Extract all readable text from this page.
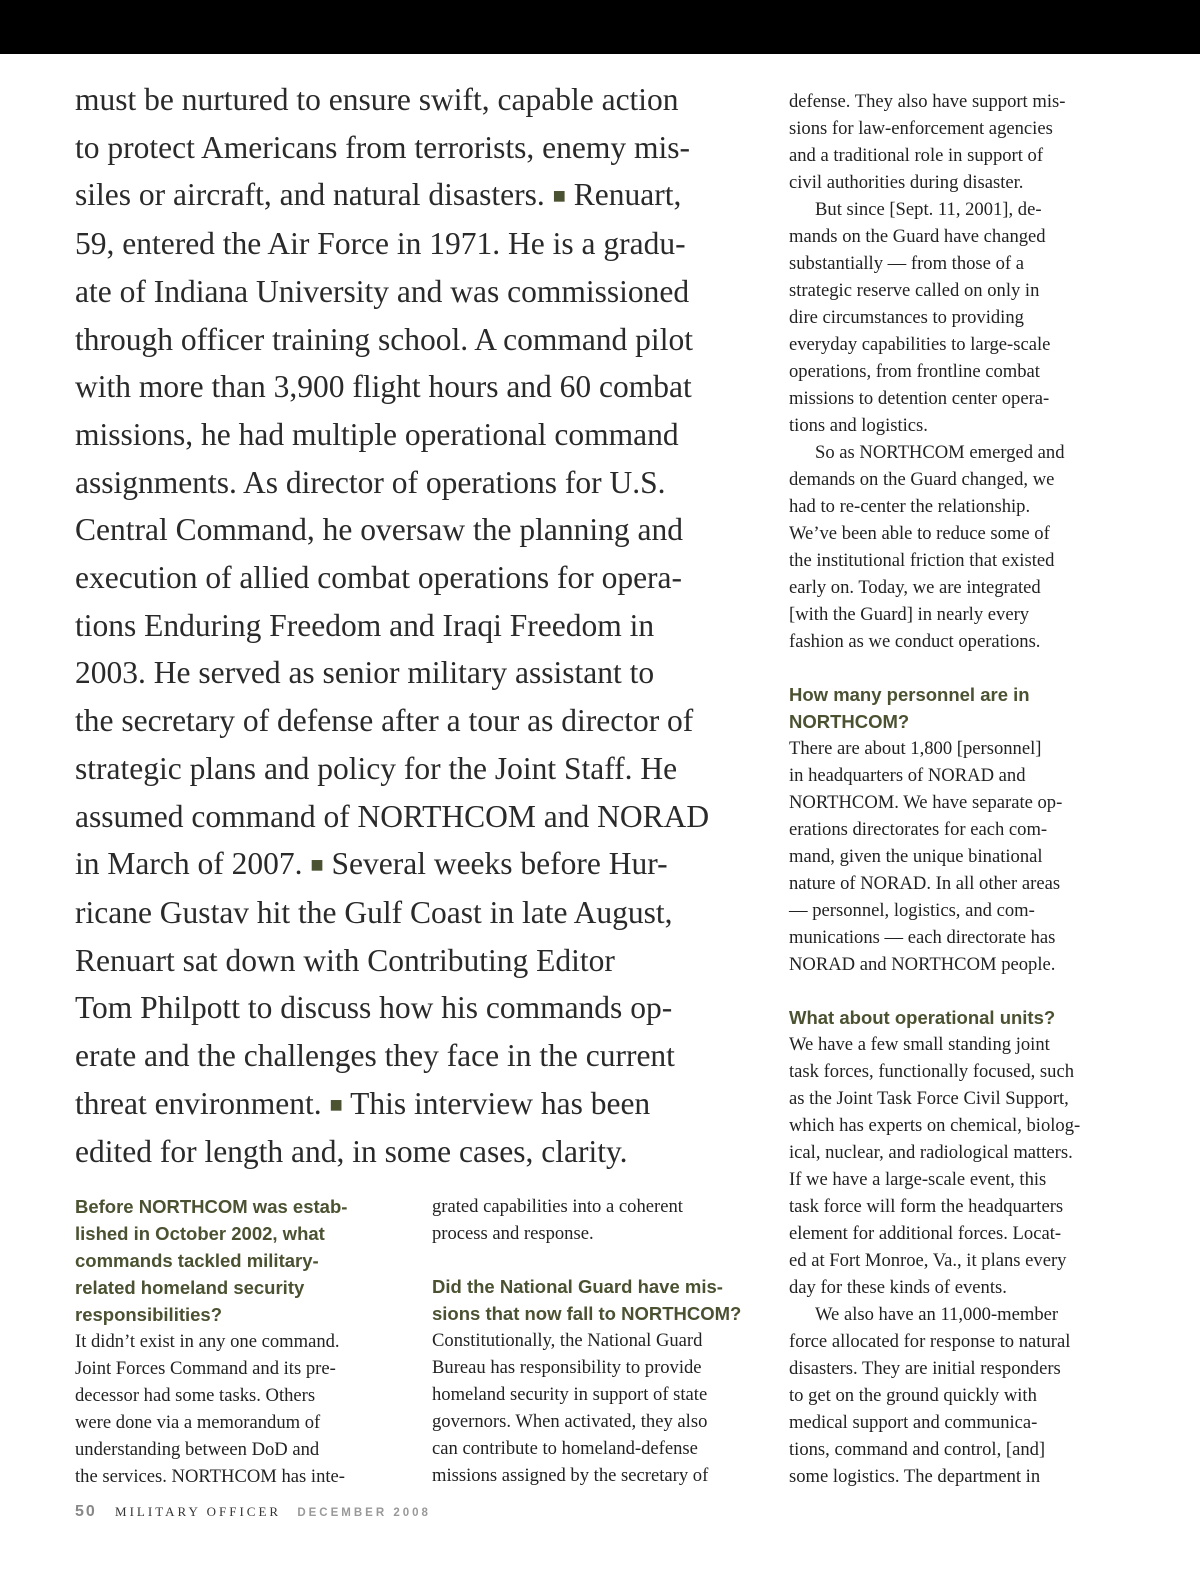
must be nurtured to ensure swift, capable action
to protect Americans from terrorists, enemy mis-
siles or aircraft, and natural disasters. ■ Renuart,
59, entered the Air Force in 1971. He is a gradu-
ate of Indiana University and was commissioned
through officer training school. A command pilot
with more than 3,900 flight hours and 60 combat
missions, he had multiple operational command
assignments. As director of operations for U.S.
Central Command, he oversaw the planning and
execution of allied combat operations for opera-
tions Enduring Freedom and Iraqi Freedom in
2003. He served as senior military assistant to
the secretary of defense after a tour as director of
strategic plans and policy for the Joint Staff. He
assumed command of NORTHCOM and NORAD
in March of 2007. ■ Several weeks before Hur-
ricane Gustav hit the Gulf Coast in late August,
Renuart sat down with Contributing Editor
Tom Philpott to discuss how his commands op-
erate and the challenges they face in the current
threat environment. ■ This interview has been
edited for length and, in some cases, clarity.
Before NORTHCOM was estab-
lished in October 2002, what
commands tackled military-
related homeland security
responsibilities?
It didn’t exist in any one command.
Joint Forces Command and its pre-
decessor had some tasks. Others
were done via a memorandum of
understanding between DoD and
the services. NORTHCOM has inte-
grated capabilities into a coherent
process and response.
Did the National Guard have mis-
sions that now fall to NORTHCOM?
Constitutionally, the National Guard
Bureau has responsibility to provide
homeland security in support of state
governors. When activated, they also
can contribute to homeland-defense
missions assigned by the secretary of
defense. They also have support mis-
sions for law-enforcement agencies
and a traditional role in support of
civil authorities during disaster.
But since [Sept. 11, 2001], de-
mands on the Guard have changed
substantially — from those of a
strategic reserve called on only in
dire circumstances to providing
everyday capabilities to large-scale
operations, from frontline combat
missions to detention center opera-
tions and logistics.
So as NORTHCOM emerged and
demands on the Guard changed, we
had to re-center the relationship.
We’ve been able to reduce some of
the institutional friction that existed
early on. Today, we are integrated
[with the Guard] in nearly every
fashion as we conduct operations.
How many personnel are in
NORTHCOM?
There are about 1,800 [personnel]
in headquarters of NORAD and
NORTHCOM. We have separate op-
erations directorates for each com-
mand, given the unique binational
nature of NORAD. In all other areas
— personnel, logistics, and com-
munications — each directorate has
NORAD and NORTHCOM people.
What about operational units?
We have a few small standing joint
task forces, functionally focused, such
as the Joint Task Force Civil Support,
which has experts on chemical, biolog-
ical, nuclear, and radiological matters.
If we have a large-scale event, this
task force will form the headquarters
element for additional forces. Locat-
ed at Fort Monroe, Va., it plans every
day for these kinds of events.
We also have an 11,000-member
force allocated for response to natural
disasters. They are initial responders
to get on the ground quickly with
medical support and communica-
tions, command and control, [and]
some logistics. The department in
50 MILITARY OFFICER DECEMBER 2008
